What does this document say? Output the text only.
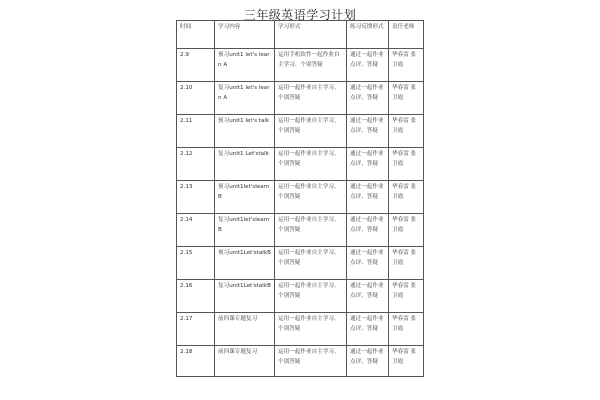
三年级英语学习计划
时间	学习内容	学习形式	练习反馈形式	责任老师
2.9	预习unit1 let's learn A	运用手机软件一起作业自主学习、个别答疑	通过一起作业点评、答疑	华春雷 张卫霞
2.10	复习unit1 let's learn A	运用一起作业自主学习、个别答疑	通过一起作业点评、答疑	华春雷 张卫霞
2.11	预习unit1 let's talk	运用一起作业自主学习、个别答疑	通过一起作业点评、答疑	华春雷 张卫霞
2.12	复习unit1 Let'stalk	运用一起作业自主学习、个别答疑	通过一起作业点评、答疑	华春雷 张卫霞
2.13	预习unit1let'slearn B	运用一起作业自主学习、个别答疑	通过一起作业点评、答疑	华春雷 张卫霞
2.14	复习unit1let'slearn B	运用一起作业自主学习、个别答疑	通过一起作业点评、答疑	华春雷 张卫霞
2.15	预习unit1Let'stalkB	运用一起作业自主学习、个别答疑	通过一起作业点评、答疑	华春雷 张卫霞
2.16	复习unit1Let'stalkB	运用一起作业自主学习、个别答疑	通过一起作业点评、答疑	华春雷 张卫霞
2.17	前四课专题复习	运用一起作业自主学习、个别答疑	通过一起作业点评、答疑	华春雷 张卫霞
2.18	前四课专题复习	运用一起作业自主学习、个别答疑	通过一起作业点评、答疑	华春雷 张卫霞
